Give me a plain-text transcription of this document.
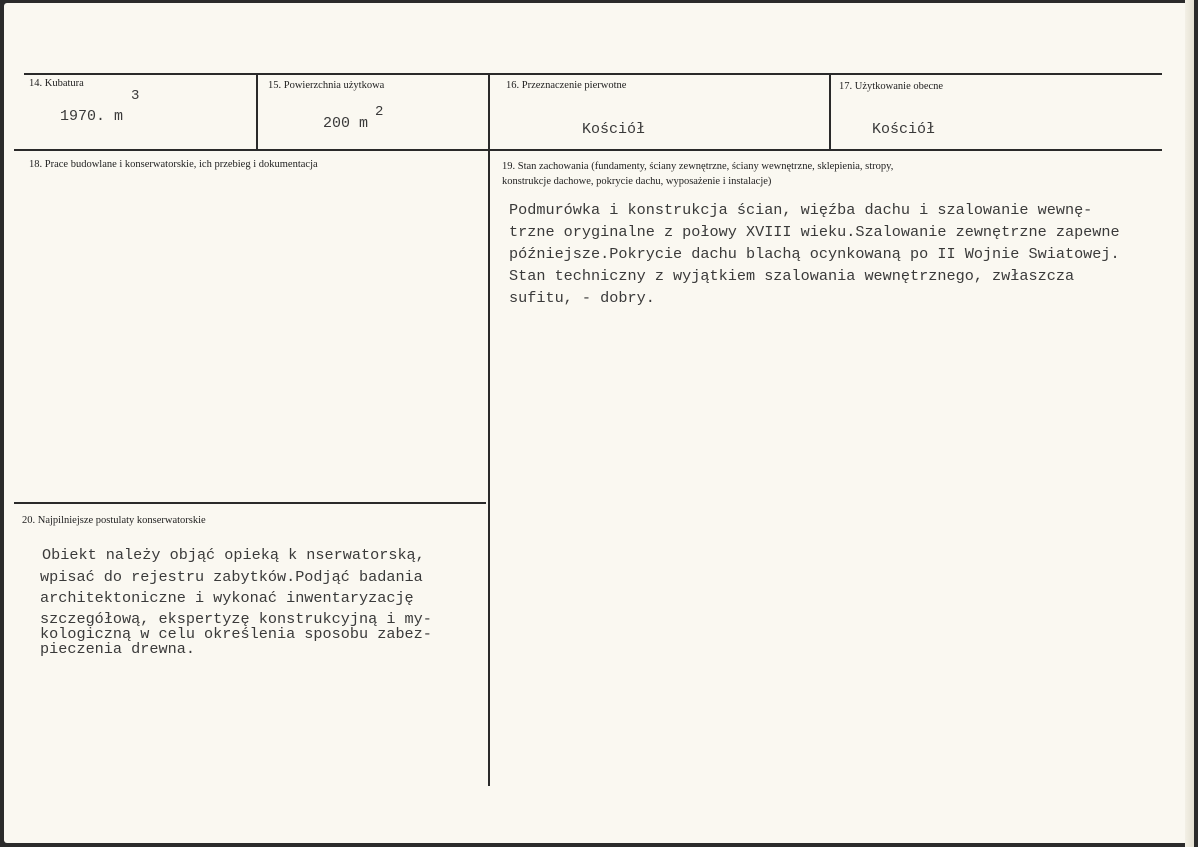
14. Kubatura
3
1970. m
15. Powierzchnia użytkowa
200 m
2
16. Przeznaczenie pierwotne
Kościół
17. Użytkowanie obecne
Kościół
18. Prace budowlane i konserwatorskie, ich przebieg i dokumentacja	19. Stan zachowania (fundamenty, ściany zewnętrzne, ściany wewnętrzne, sklepienia, stropy,
konstrukcje dachowe, pokrycie dachu, wyposażenie i instalacje)
Podmurówka i konstrukcja ścian, więźba dachu i szalowanie wewnę-
trzne oryginalne z połowy XVIII wieku.Szalowanie zewnętrzne zapewne
późniejsze.Pokrycie dachu blachą ocynkowaną po II Wojnie Swiatowej.
Stan techniczny z wyjątkiem szalowania wewnętrznego, zwłaszcza
sufitu, - dobry.
20. Najpilniejsze postulaty konserwatorskie
Obiekt należy objąć opieką k nserwatorską,
wpisać do rejestru zabytków.Podjąć badania
architektoniczne i wykonać inwentaryzację
szczegółową, ekspertyzę konstrukcyjną i my-
kologiczną w celu określenia sposobu zabez-
pieczenia drewna.
